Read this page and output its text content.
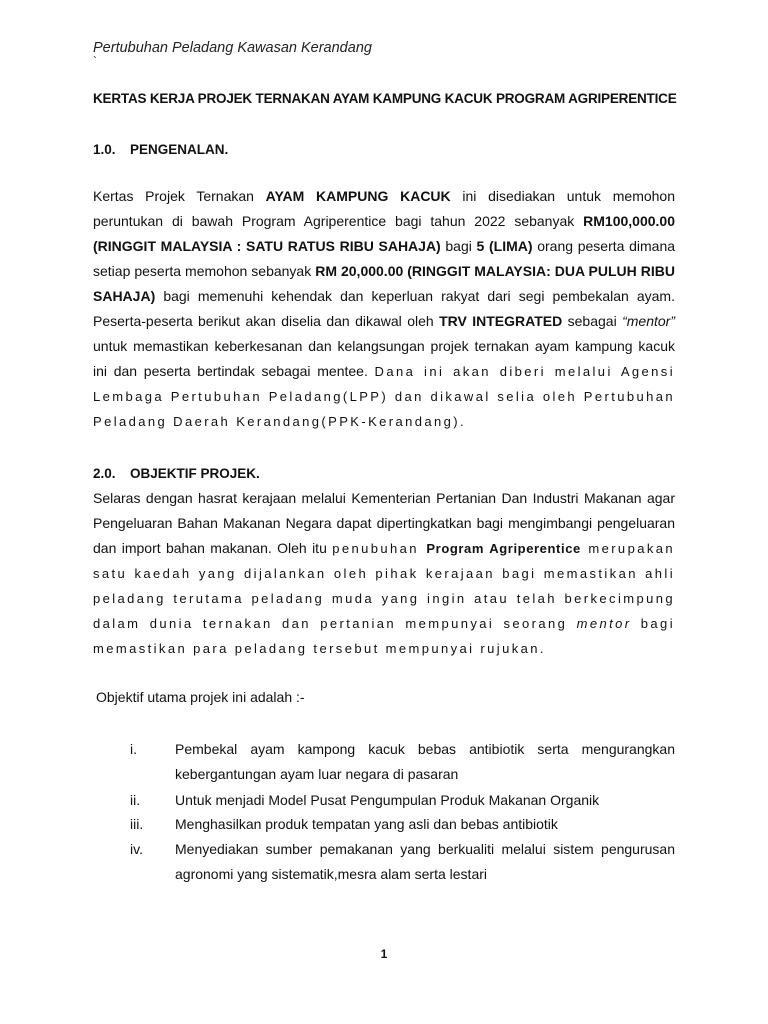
Pertubuhan Peladang Kawasan Kerandang
`
KERTAS KERJA PROJEK TERNAKAN AYAM KAMPUNG KACUK PROGRAM AGRIPERENTICE
1.0. PENGENALAN.
Kertas Projek Ternakan AYAM KAMPUNG KACUK ini disediakan untuk memohon peruntukan di bawah Program Agriperentice bagi tahun 2022 sebanyak RM100,000.00 (RINGGIT MALAYSIA : SATU RATUS RIBU SAHAJA) bagi 5 (LIMA) orang peserta dimana setiap peserta memohon sebanyak RM 20,000.00 (RINGGIT MALAYSIA: DUA PULUH RIBU SAHAJA) bagi memenuhi kehendak dan keperluan rakyat dari segi pembekalan ayam. Peserta-peserta berikut akan diselia dan dikawal oleh TRV INTEGRATED sebagai “mentor” untuk memastikan keberkesanan dan kelangsungan projek ternakan ayam kampung kacuk ini dan peserta bertindak sebagai mentee. Dana ini akan diberi melalui Agensi Lembaga Pertubuhan Peladang(LPP) dan dikawal selia oleh Pertubuhan Peladang Daerah Kerandang(PPK-Kerandang).
2.0. OBJEKTIF PROJEK.
Selaras dengan hasrat kerajaan melalui Kementerian Pertanian Dan Industri Makanan agar Pengeluaran Bahan Makanan Negara dapat dipertingkatkan bagi mengimbangi pengeluaran dan import bahan makanan. Oleh itu penubuhan Program Agriperentice merupakan satu kaedah yang dijalankan oleh pihak kerajaan bagi memastikan ahli peladang terutama peladang muda yang ingin atau telah berkecimpung dalam dunia ternakan dan pertanian mempunyai seorang mentor bagi memastikan para peladang tersebut mempunyai rujukan.
Objektif utama projek ini adalah :-
i.	Pembekal ayam kampong kacuk bebas antibiotik serta mengurangkan kebergantungan ayam luar negara di pasaran
ii. Untuk menjadi Model Pusat Pengumpulan Produk Makanan Organik
iii. Menghasilkan produk tempatan yang asli dan bebas antibiotik
iv. Menyediakan sumber pemakanan yang berkualiti melalui sistem pengurusan agronomi yang sistematik,mesra alam serta lestari
1
